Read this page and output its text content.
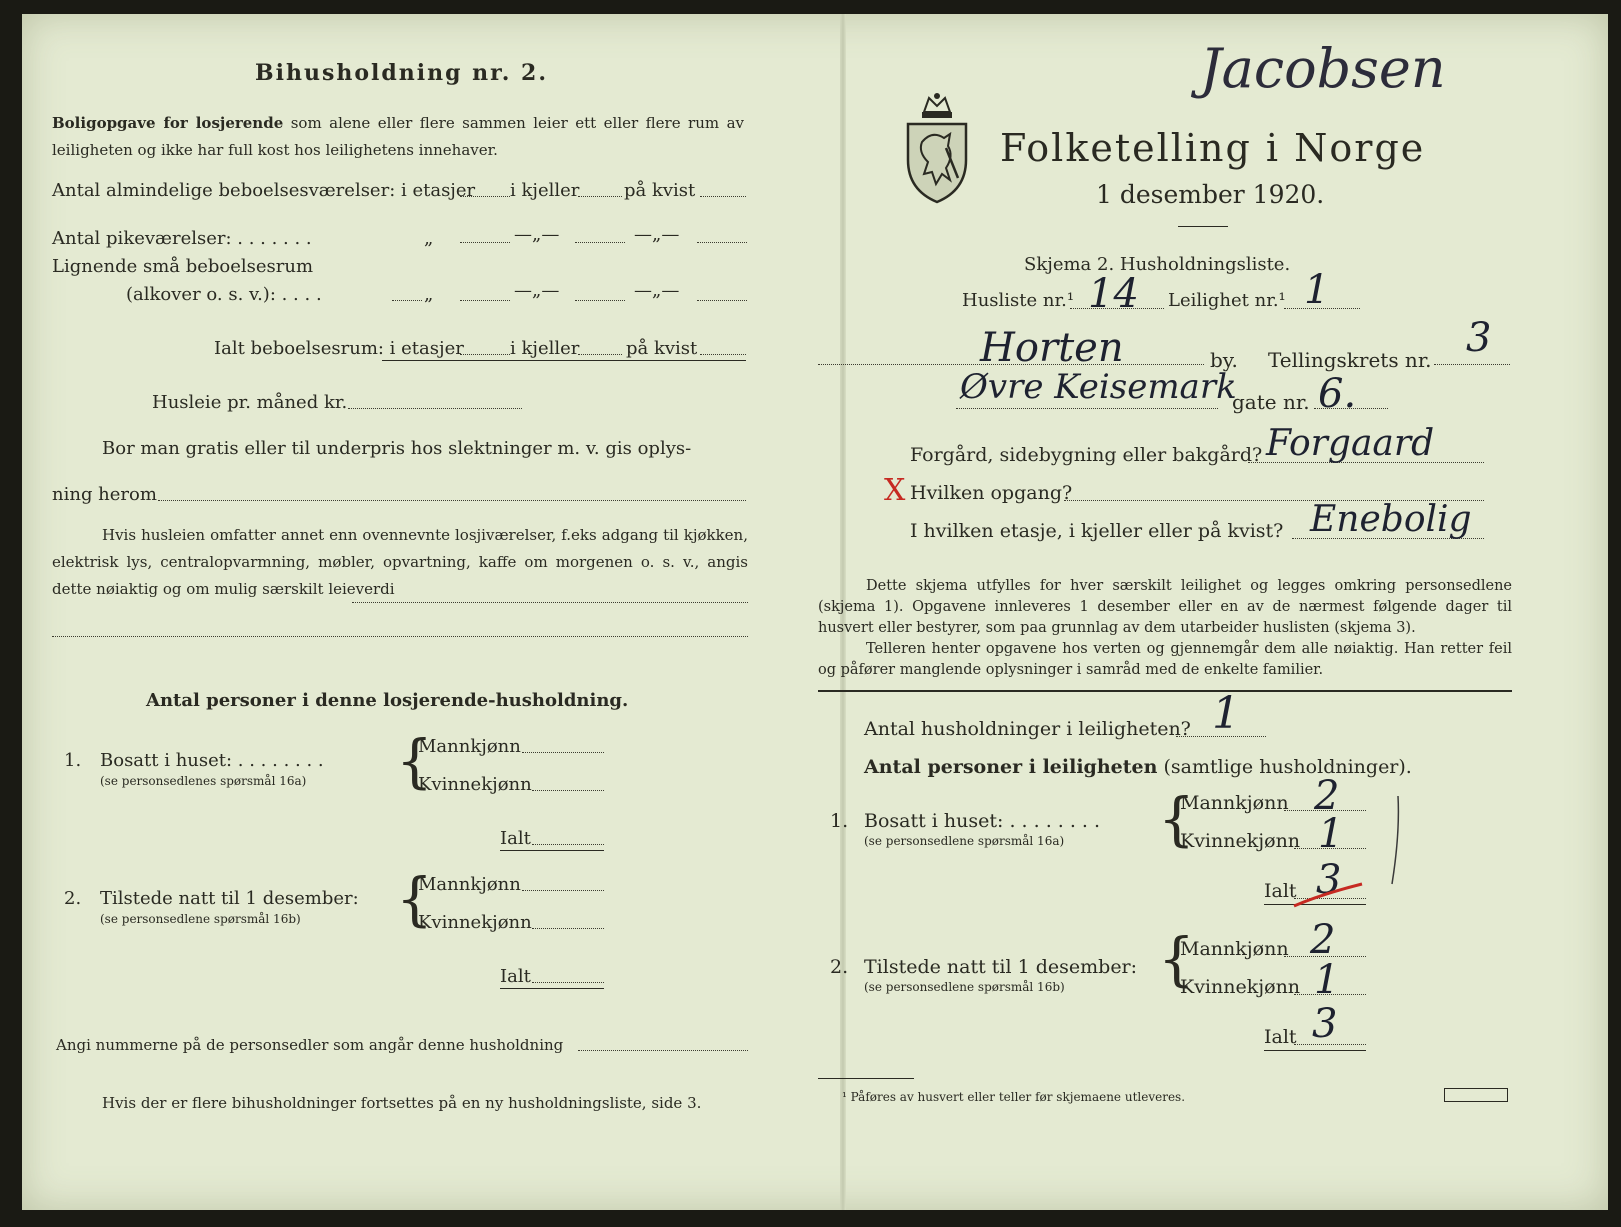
Bihusholdning nr. 2.
Boligopgave for losjerende som alene eller flere sammen leier ett eller flere rum av leiligheten og ikke har full kost hos leilighetens innehaver.
Antal almindelige beboelsesværelser: i etasjer i kjeller på kvist
Antal pikeværelser: . . . . . . .	„	—„—	—„—
Lignende små beboelsesrum
(alkover o. s. v.): . . . .	„	—„—	—„—
Ialt beboelsesrum: i etasjer	i kjeller	på kvist
Husleie pr. måned kr.
Bor man gratis eller til underpris hos slektninger m. v. gis oplys-
ning herom
Hvis husleien omfatter annet enn ovennevnte losjiværelser, f.eks adgang til kjøkken, elektrisk lys, centralopvarmning, møbler, opvartning, kaffe om morgenen o. s. v., angis dette nøiaktig og om mulig særskilt leieverdi
Antal personer i denne losjerende-husholdning.
1. Bosatt i huset: . . . . . . . .
(se personsedlenes spørsmål 16a) {
Mannkjønn
Kvinnekjønn
Ialt
2. Tilstede natt til 1 desember:
(se personsedlene spørsmål 16b) {
Mannkjønn
Kvinnekjønn
Ialt
Angi nummerne på de personsedler som angår denne husholdning
Hvis der er flere bihusholdninger fortsettes på en ny husholdningsliste, side 3.
Folketelling i Norge
1 desember 1920.
Skjema 2. Husholdningsliste.
Husliste nr.¹ 14 Leilighet nr.¹ 1
Horten	by. Tellingskrets nr. 3
Øvre Keisemark
gate nr. 6.
Forgård, sidebygning eller bakgård? Forgaard
X Hvilken opgang?
I hvilken etasje, i kjeller eller på kvist? Enebolig
Dette skjema utfylles for hver særskilt leilighet og legges omkring personsedlene (skjema 1). Opgavene innleveres 1 desember eller en av de nærmest følgende dager til husvert eller bestyrer, som paa grunnlag av dem utarbeider huslisten (skjema 3).
Telleren henter opgavene hos verten og gjennemgår dem alle nøiaktig. Han retter feil og påfører manglende oplysninger i samråd med de enkelte familier.
Antal husholdninger i leiligheten? 1
Antal personer i leiligheten (samtlige husholdninger).
1. Bosatt i huset: . . . . . . . .
(se personsedlene spørsmål 16a) {
Mannkjønn 2
Kvinnekjønn 1
Ialt 3
2. Tilstede natt til 1 desember:
(se personsedlene spørsmål 16b) {
Mannkjønn 2
Kvinnekjønn 1
Ialt 3
¹ Påføres av husvert eller teller før skjemaene utleveres.
Jacobsen
